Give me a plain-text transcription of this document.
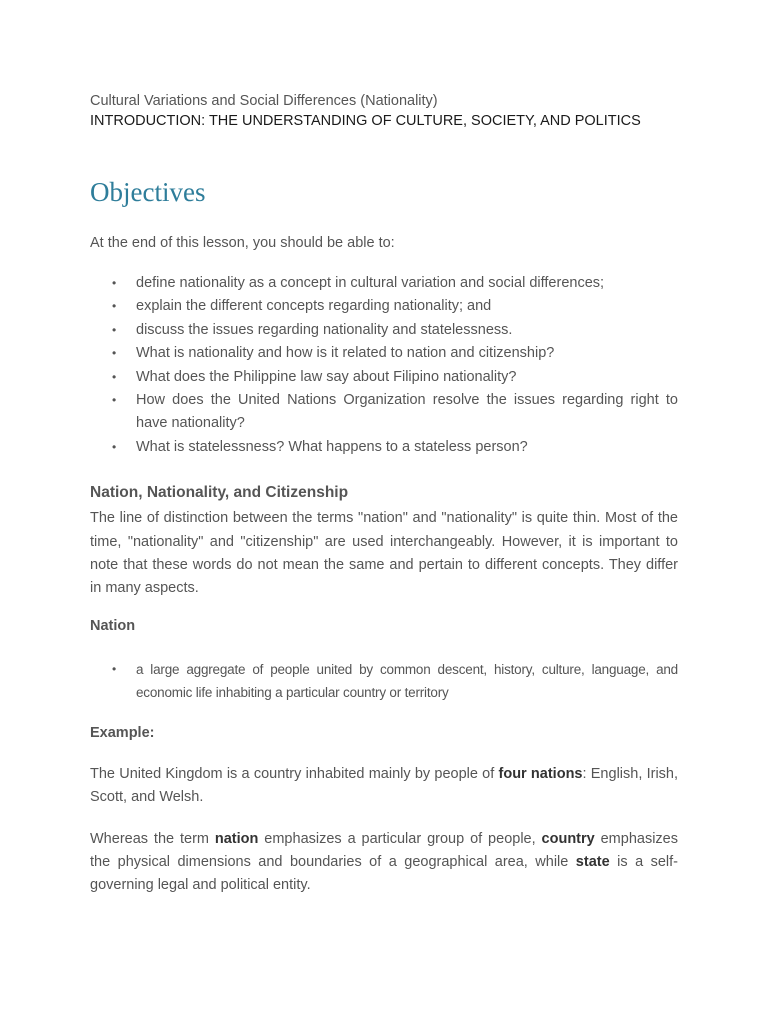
Cultural Variations and Social Differences (Nationality)
INTRODUCTION: THE UNDERSTANDING OF CULTURE, SOCIETY, AND POLITICS
Objectives
At the end of this lesson, you should be able to:
• define nationality as a concept in cultural variation and social differences;
• explain the different concepts regarding nationality; and
• discuss the issues regarding nationality and statelessness.
• What is nationality and how is it related to nation and citizenship?
• What does the Philippine law say about Filipino nationality?
• How does the United Nations Organization resolve the issues regarding right to have nationality?
• What is statelessness? What happens to a stateless person?
Nation, Nationality, and Citizenship
The line of distinction between the terms "nation" and "nationality" is quite thin. Most of the time, "nationality" and "citizenship" are used interchangeably. However, it is important to note that these words do not mean the same and pertain to different concepts. They differ in many aspects.
Nation
• a large aggregate of people united by common descent, history, culture, language, and economic life inhabiting a particular country or territory
Example:
The United Kingdom is a country inhabited mainly by people of four nations: English, Irish, Scott, and Welsh.
Whereas the term nation emphasizes a particular group of people, country emphasizes the physical dimensions and boundaries of a geographical area, while state is a self-governing legal and political entity.
